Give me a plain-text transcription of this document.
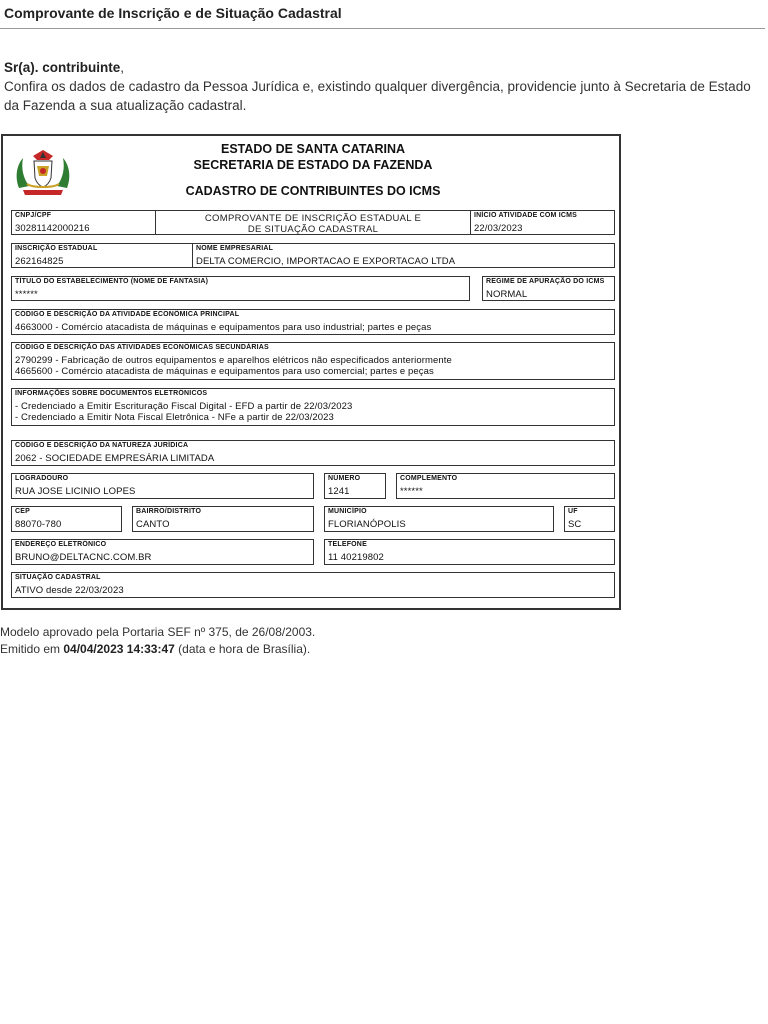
Comprovante de Inscrição e de Situação Cadastral
Sr(a). contribuinte,
Confira os dados de cadastro da Pessoa Jurídica e, existindo qualquer divergência, providencie junto à Secretaria de Estado da Fazenda a sua atualização cadastral.
ESTADO DE SANTA CATARINA
SECRETARIA DE ESTADO DA FAZENDA
CADASTRO DE CONTRIBUINTES DO ICMS
CNPJ/CPF
30281142000216
COMPROVANTE DE INSCRIÇÃO ESTADUAL E
DE SITUAÇÃO CADASTRAL
INÍCIO ATIVIDADE COM ICMS
22/03/2023
INSCRIÇÃO ESTADUAL
262164825
NOME EMPRESARIAL
DELTA COMERCIO, IMPORTACAO E EXPORTACAO LTDA
TÍTULO DO ESTABELECIMENTO (NOME DE FANTASIA)
******
REGIME DE APURAÇÃO DO ICMS
NORMAL
CÓDIGO E DESCRIÇÃO DA ATIVIDADE ECONÔMICA PRINCIPAL
4663000 - Comércio atacadista de máquinas e equipamentos para uso industrial; partes e peças
CÓDIGO E DESCRIÇÃO DAS ATIVIDADES ECONÔMICAS SECUNDÁRIAS
2790299 - Fabricação de outros equipamentos e aparelhos elétricos não especificados anteriormente
4665600 - Comércio atacadista de máquinas e equipamentos para uso comercial; partes e peças
INFORMAÇÕES SOBRE DOCUMENTOS ELETRÔNICOS
- Credenciado a Emitir Escrituração Fiscal Digital - EFD a partir de 22/03/2023
- Credenciado a Emitir Nota Fiscal Eletrônica - NFe a partir de 22/03/2023
CÓDIGO E DESCRIÇÃO DA NATUREZA JURÍDICA
2062 - SOCIEDADE EMPRESÁRIA LIMITADA
LOGRADOURO
RUA JOSE LICINIO LOPES
NÚMERO
1241
COMPLEMENTO
******
CEP
88070-780
BAIRRO/DISTRITO
CANTO
MUNICÍPIO
FLORIANÓPOLIS
UF
SC
ENDEREÇO ELETRÔNICO
BRUNO@DELTACNC.COM.BR
TELEFONE
11 40219802
SITUAÇÃO CADASTRAL
ATIVO desde 22/03/2023
Modelo aprovado pela Portaria SEF nº 375, de 26/08/2003.
Emitido em 04/04/2023 14:33:47 (data e hora de Brasília).
